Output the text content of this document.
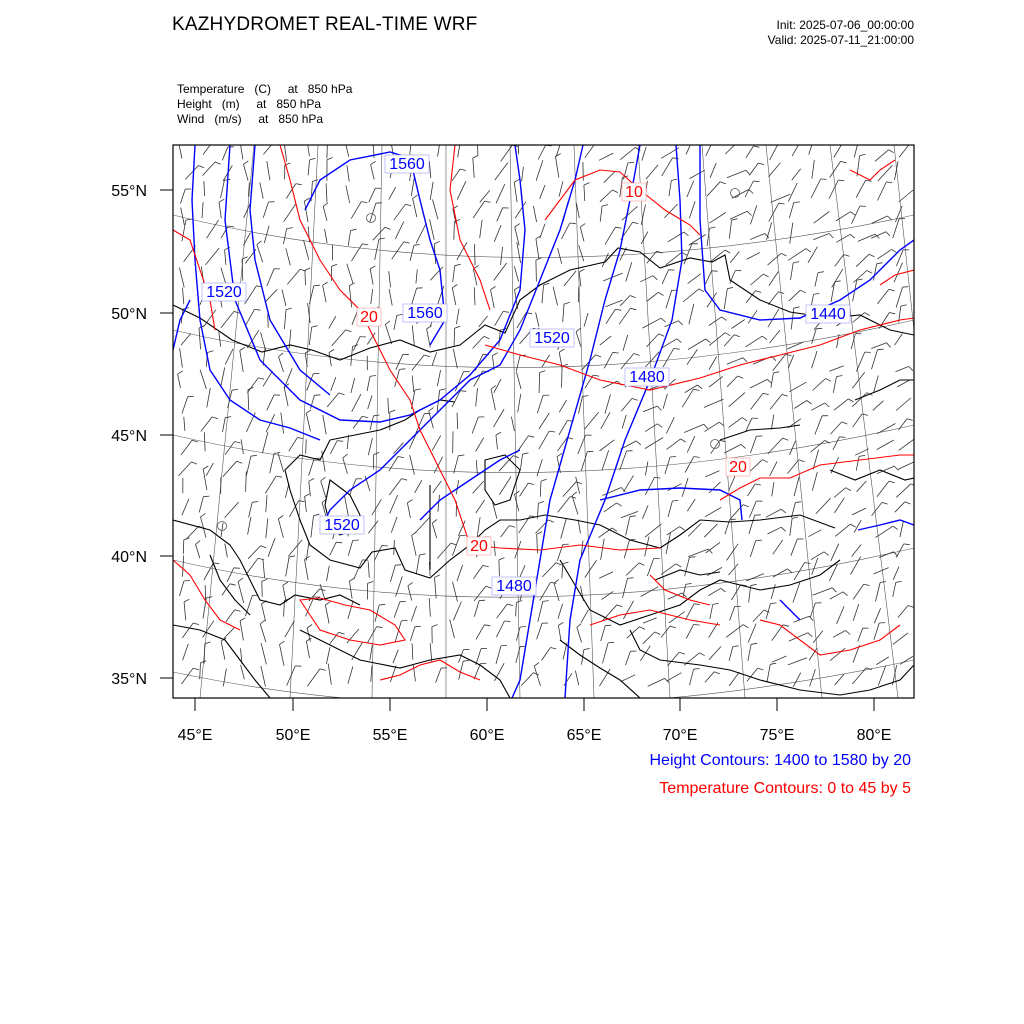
KAZHYDROMET REAL-TIME WRF	Init: 2025-07-06_00:00:00
Valid: 2025-07-11_21:00:00
Temperature   (C)     at   850 hPa
Height   (m)     at   850 hPa
Wind   (m/s)     at   850 hPa
1560
1520
1560
1520
1440
1480
1520
1480
10
20
20
20
55°N
50°N
45°N
40°N
35°N
45°E	50°E	55°E	60°E	65°E	70°E	75°E	80°E
Height Contours: 1400 to 1580 by 20
Temperature Contours: 0 to 45 by 5
